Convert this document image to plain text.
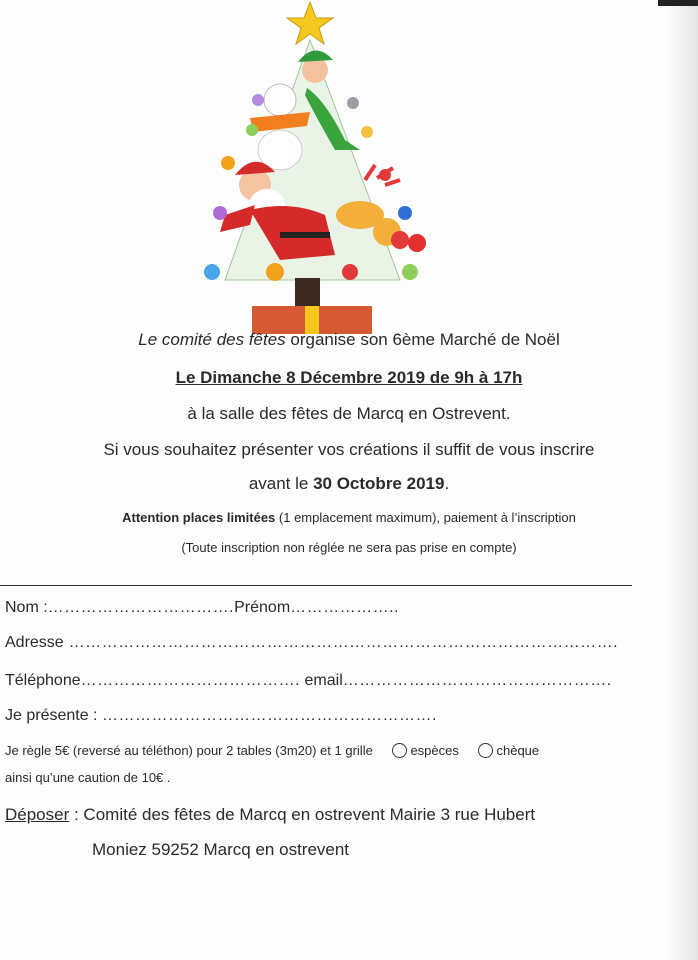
Le comité des fêtes organise son 6ème Marché de Noël
Le Dimanche 8 Décembre 2019 de 9h à 17h
à la salle des fêtes de Marcq en Ostrevent.
Si vous souhaitez présenter vos créations il suffit de vous inscrire
avant le 30 Octobre 2019.
Attention places limitées (1 emplacement maximum), paiement à l’inscription
(Toute inscription non réglée ne sera pas prise en compte)
Nom :…………………………….Prénom………………..
Adresse ……………………………………………………………………………………….
Téléphone…………………………………. email………………………………………….
Je présente : …………………………………………………….
Je règle 5€ (reversé au téléthon) pour 2 tables (3m20) et 1 grille	espèces	chèque
ainsi qu’une caution de 10€ .
Déposer : Comité des fêtes de Marcq en ostrevent Mairie 3 rue Hubert
Moniez 59252 Marcq en ostrevent
